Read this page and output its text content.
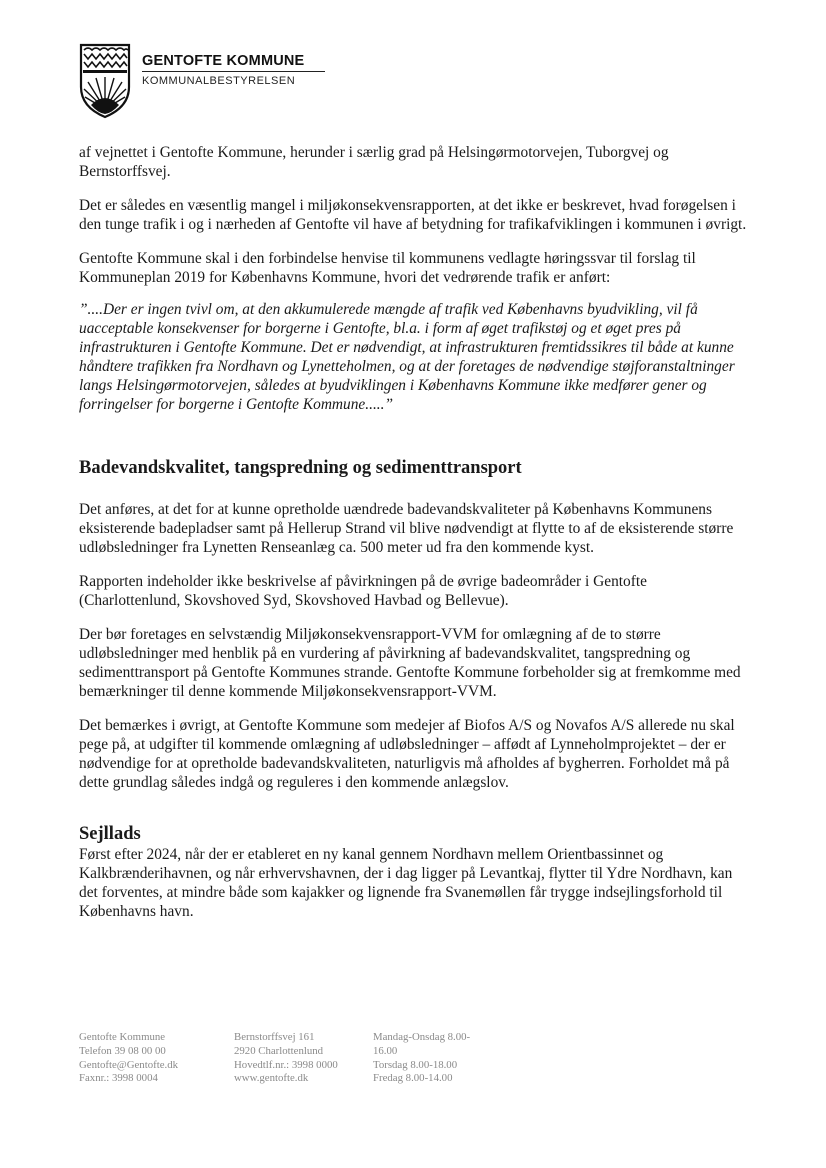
GENTOFTE KOMMUNE
KOMMUNALBESTYRELSEN

af vejnettet i Gentofte Kommune, herunder i særlig grad på Helsingørmotorvejen, Tuborgvej og Bernstorffsvej.

Det er således en væsentlig mangel i miljøkonsekvensrapporten, at det ikke er beskrevet, hvad forøgelsen i den tunge trafik i og i nærheden af Gentofte vil have af betydning for trafikafviklingen i kommunen i øvrigt.

Gentofte Kommune skal i den forbindelse henvise til kommunens vedlagte høringssvar til forslag til Kommuneplan 2019 for Københavns Kommune, hvori det vedrørende trafik er anført:

”....Der er ingen tvivl om, at den akkumulerede mængde af trafik ved Københavns byudvikling, vil få uacceptable konsekvenser for borgerne i Gentofte, bl.a. i form af øget trafikstøj og et øget pres på infrastrukturen i Gentofte Kommune. Det er nødvendigt, at infrastrukturen fremtidssikres til både at kunne håndtere trafikken fra Nordhavn og Lynetteholmen, og at der foretages de nødvendige støjforanstaltninger langs Helsingørmotorvejen, således at byudviklingen i Københavns Kommune ikke medfører gener og forringelser for borgerne i Gentofte Kommune.....”

Badevandskvalitet, tangspredning og sedimenttransport

Det anføres, at det for at kunne opretholde uændrede badevandskvaliteter på Københavns Kommunens eksisterende badepladser samt på Hellerup Strand vil blive nødvendigt at flytte to af de eksisterende større udløbsledninger fra Lynetten Renseanlæg ca. 500 meter ud fra den kommende kyst.

Rapporten indeholder ikke beskrivelse af påvirkningen på de øvrige badeområder i Gentofte (Charlottenlund, Skovshoved Syd, Skovshoved Havbad og Bellevue).

Der bør foretages en selvstændig Miljøkonsekvensrapport-VVM for omlægning af de to større udløbsledninger med henblik på en vurdering af påvirkning af badevandskvalitet, tangspredning og sedimenttransport på Gentofte Kommunes strande. Gentofte Kommune forbeholder sig at fremkomme med bemærkninger til denne kommende Miljøkonsekvensrapport-VVM.

Det bemærkes i øvrigt, at Gentofte Kommune som medejer af Biofos A/S og Novafos A/S allerede nu skal pege på, at udgifter til kommende omlægning af udløbsledninger – affødt af Lynneholmprojektet – der er nødvendige for at opretholde badevandskvaliteten, naturligvis må afholdes af bygherren. Forholdet må på dette grundlag således indgå og reguleres i den kommende anlægslov.

Sejllads

Først efter 2024, når der er etableret en ny kanal gennem Nordhavn mellem Orientbassinnet og Kalkbrænderihavnen, og når erhvervshavnen, der i dag ligger på Levantkaj, flytter til Ydre Nordhavn, kan det forventes, at mindre både som kajakker og lignende fra Svanemøllen får trygge indsejlingsforhold til Københavns havn.

Gentofte Kommune
Telefon 39 08 00 00
Gentofte@Gentofte.dk
Faxnr.: 3998 0004
Bernstorffsvej 161
2920 Charlottenlund
Hovedtlf.nr.: 3998 0000
www.gentofte.dk
Mandag-Onsdag 8.00-
16.00
Torsdag 8.00-18.00
Fredag 8.00-14.00
